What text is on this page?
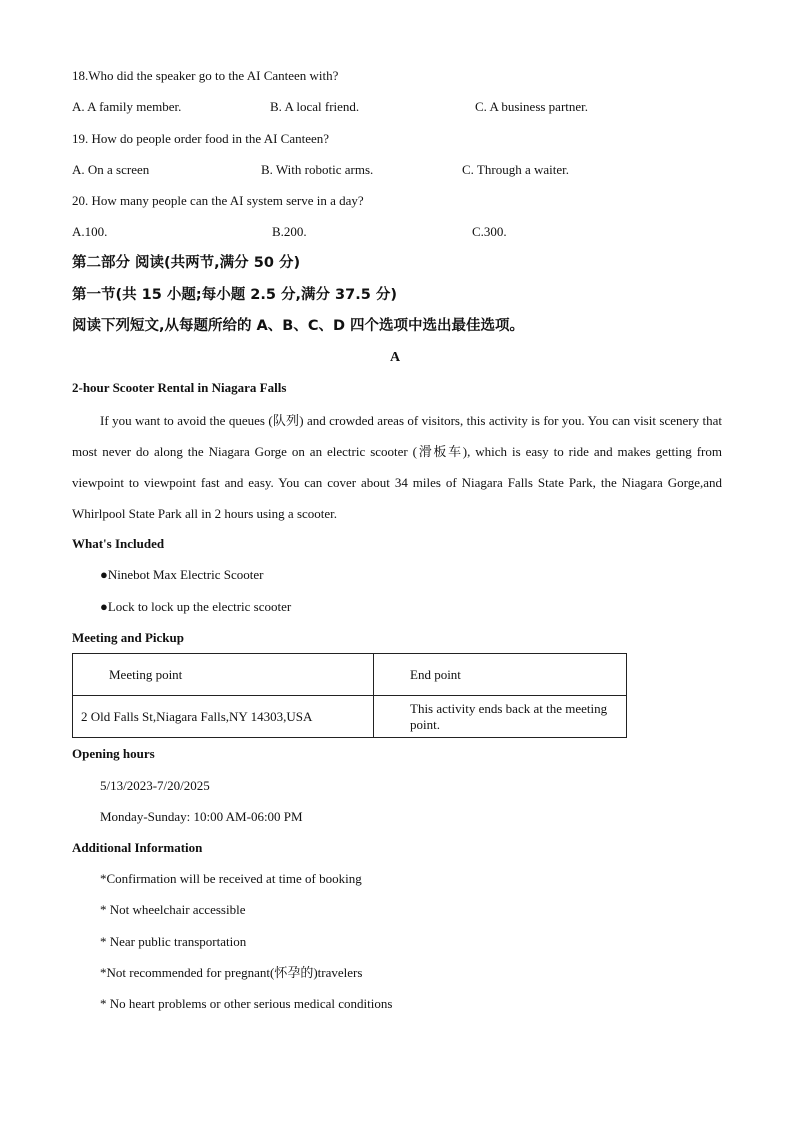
18.Who did the speaker go to the AI Canteen with?
A. A family member.	B. A local friend.	C. A business partner.
19. How do people order food in the AI Canteen?
A. On a screen	B. With robotic arms.	C. Through a waiter.
20. How many people can the AI system serve in a day?
A.100.	B.200.	C.300.
第二部分 阅读(共两节,满分 50 分)
第一节(共 15 小题;每小题 2.5 分,满分 37.5 分)
阅读下列短文,从每题所给的 A、B、C、D 四个选项中选出最佳选项。
A
2-hour Scooter Rental in Niagara Falls
If you want to avoid the queues (队列) and crowded areas of visitors, this activity is for you. You can visit scenery that most never do along the Niagara Gorge on an electric scooter (滑板车), which is easy to ride and makes getting from viewpoint to viewpoint fast and easy. You can cover about 34 miles of Niagara Falls State Park, the Niagara Gorge,and Whirlpool State Park all in 2 hours using a scooter.
What's Included
●Ninebot Max Electric Scooter
●Lock to lock up the electric scooter
Meeting and Pickup
Meeting point	End point
2 Old Falls St,Niagara Falls,NY 14303,USA	This activity ends back at the meeting point.
Opening hours
5/13/2023-7/20/2025
Monday-Sunday: 10:00 AM-06:00 PM
Additional Information
*Confirmation will be received at time of booking
* Not wheelchair accessible
* Near public transportation
*Not recommended for pregnant(怀孕的)travelers
* No heart problems or other serious medical conditions
